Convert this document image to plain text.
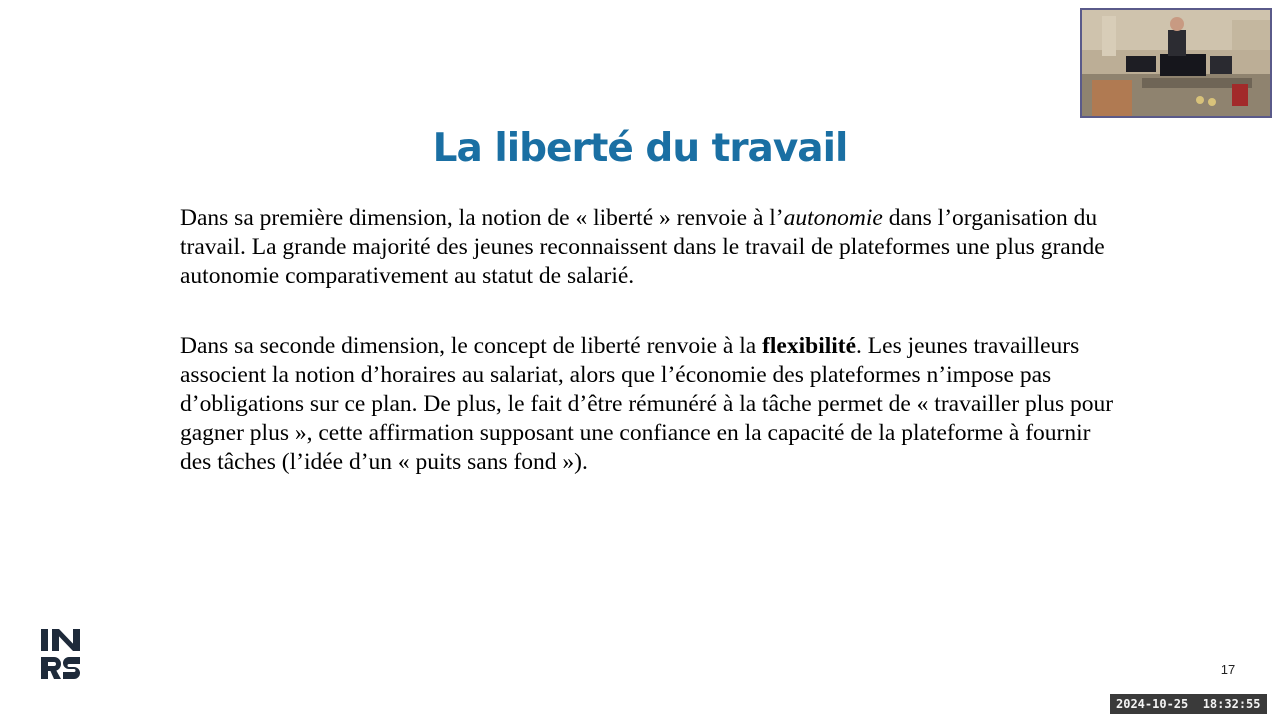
La liberté du travail

Dans sa première dimension, la notion de « liberté » renvoie à l’autonomie dans l’organisation du travail. La grande majorité des jeunes reconnaissent dans le travail de plateformes une plus grande autonomie comparativement au statut de salarié.

Dans sa seconde dimension, le concept de liberté renvoie à la flexibilité. Les jeunes travailleurs associent la notion d’horaires au salariat, alors que l’économie des plateformes n’impose pas d’obligations sur ce plan. De plus, le fait d’être rémunéré à la tâche permet de « travailler plus pour gagner plus », cette affirmation supposant une confiance en la capacité de la plateforme à fournir des tâches (l’idée d’un « puits sans fond »).

17
2024-10-25  18:32:55
